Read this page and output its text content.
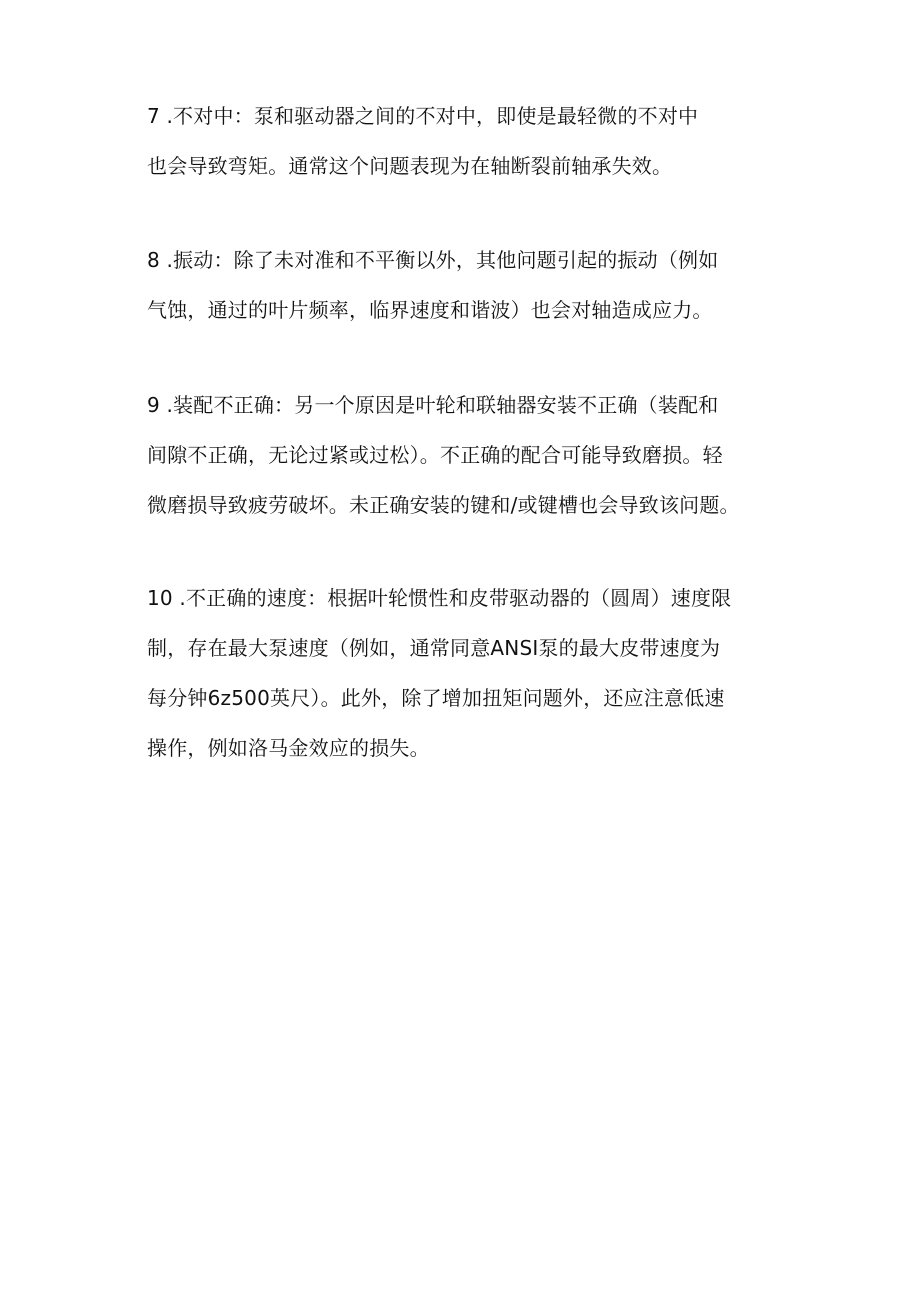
7 .不对中：泵和驱动器之间的不对中，即使是最轻微的不对中
也会导致弯矩。通常这个问题表现为在轴断裂前轴承失效。
8 .振动：除了未对准和不平衡以外，其他问题引起的振动（例如
气蚀，通过的叶片频率，临界速度和谐波）也会对轴造成应力。
9 .装配不正确：另一个原因是叶轮和联轴器安装不正确（装配和
间隙不正确，无论过紧或过松）。不正确的配合可能导致磨损。轻
微磨损导致疲劳破坏。未正确安装的键和/或键槽也会导致该问题。
10 .不正确的速度：根据叶轮惯性和皮带驱动器的（圆周）速度限
制，存在最大泵速度（例如，通常同意ANSI泵的最大皮带速度为
每分钟6z500英尺）。此外，除了增加扭矩问题外，还应注意低速
操作，例如洛马金效应的损失。
